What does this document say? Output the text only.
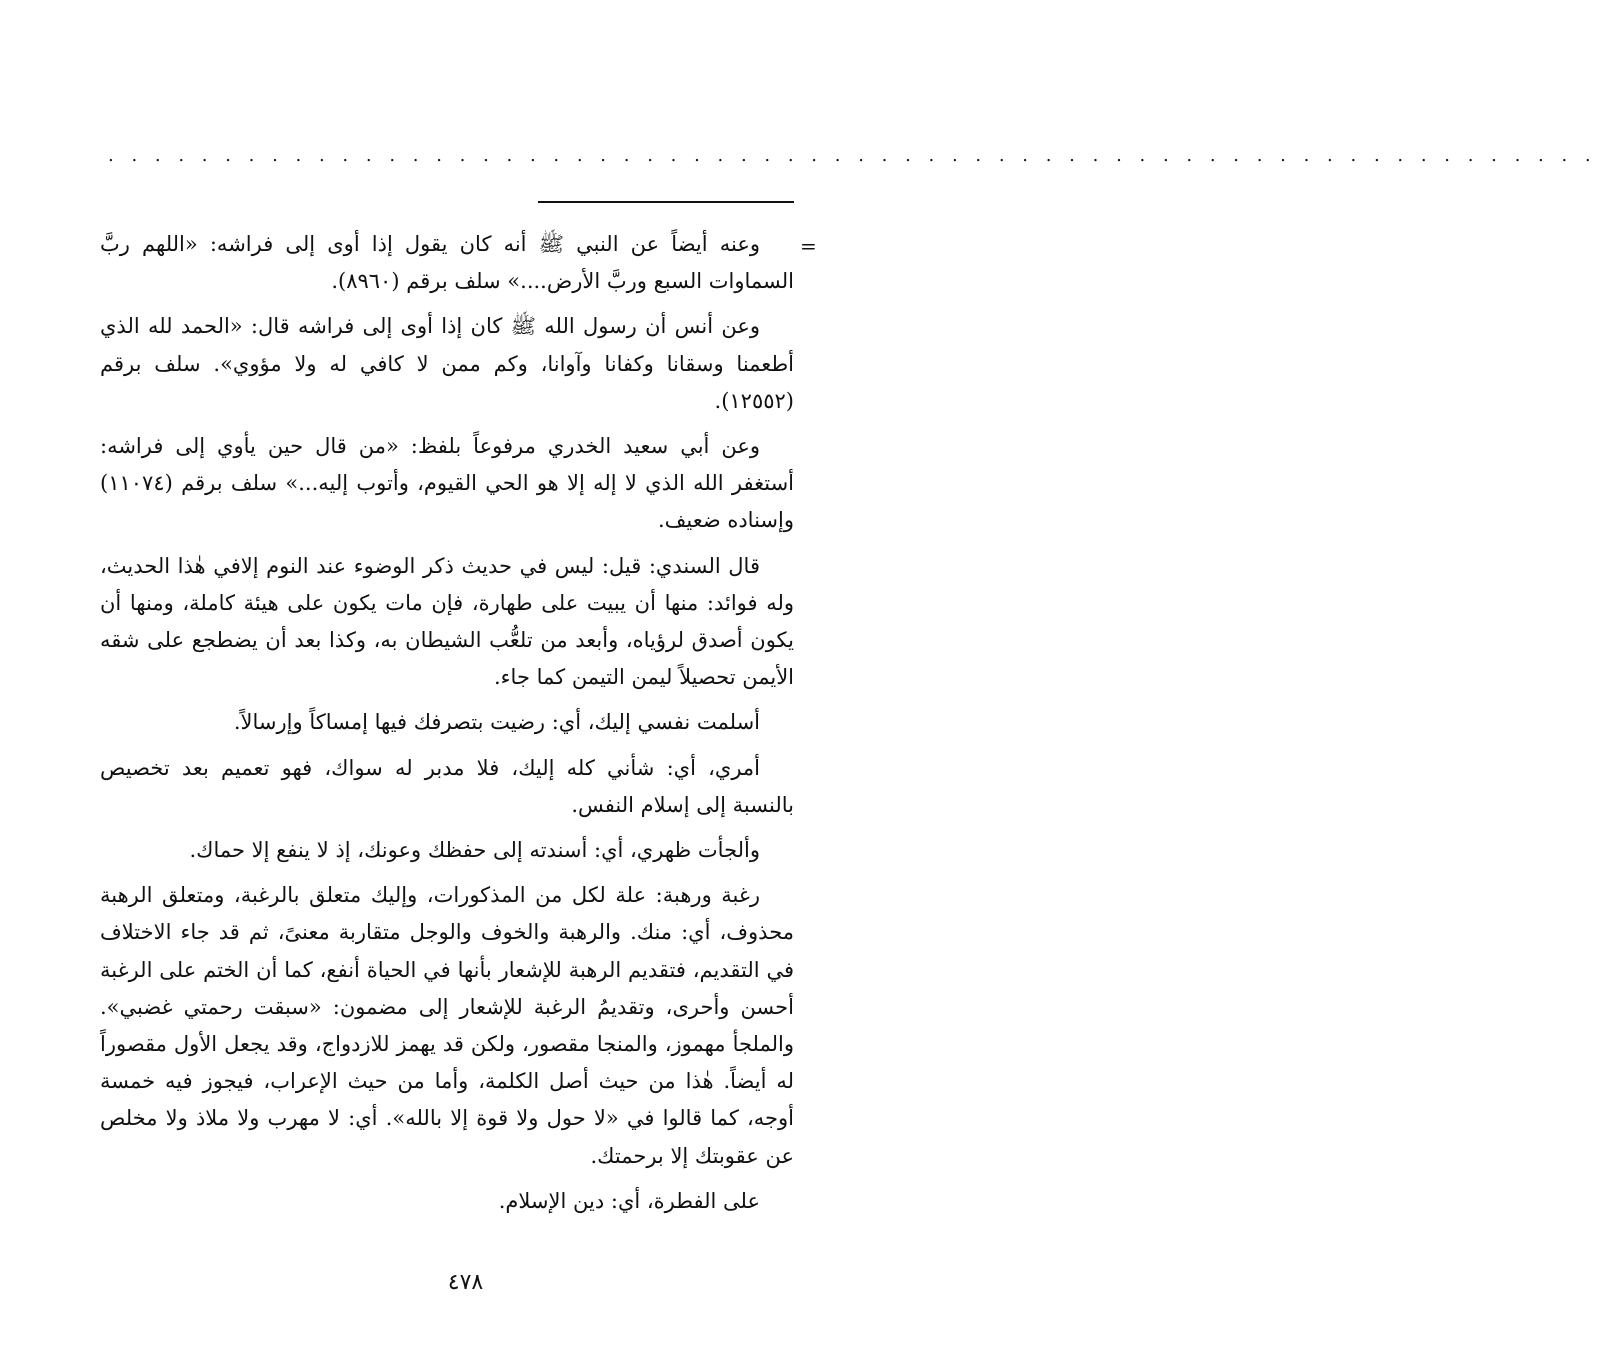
. . . . . . . . . . . . . . . . . . . . . . . . . . . . . . . . . . . . . . . . . . . . . . . . . . . . . . . . . . . . . . . .
=

وعنه أيضاً عن النبي ﷺ أنه كان يقول إذا أوى إلى فراشه: «اللهم ربَّ السماوات السبع وربَّ الأرض....» سلف برقم (٨٩٦٠).

وعن أنس أن رسول الله ﷺ كان إذا أوى إلى فراشه قال: «الحمد لله الذي أطعمنا وسقانا وكفانا وآوانا، وكم ممن لا كافي له ولا مؤوي». سلف برقم (١٢٥٥٢).

وعن أبي سعيد الخدري مرفوعاً بلفظ: «من قال حين يأوي إلى فراشه: أستغفر الله الذي لا إله إلا هو الحي القيوم، وأتوب إليه...» سلف برقم (١١٠٧٤) وإسناده ضعيف.

قال السندي: قيل: ليس في حديث ذكر الوضوء عند النوم إلافي هٰذا الحديث، وله فوائد: منها أن يبيت على طهارة، فإن مات يكون على هيئة كاملة، ومنها أن يكون أصدق لرؤياه، وأبعد من تلعُّب الشيطان به، وكذا بعد أن يضطجع على شقه الأيمن تحصيلاً ليمن التيمن كما جاء.

أسلمت نفسي إليك، أي: رضيت بتصرفك فيها إمساكاً وإرسالاً.

أمري، أي: شأني كله إليك، فلا مدبر له سواك، فهو تعميم بعد تخصيص بالنسبة إلى إسلام النفس.

وألجأت ظهري، أي: أسندته إلى حفظك وعونك، إذ لا ينفع إلا حماك.

رغبة ورهبة: علة لكل من المذكورات، وإليك متعلق بالرغبة، ومتعلق الرهبة محذوف، أي: منك. والرهبة والخوف والوجل متقاربة معنىً، ثم قد جاء الاختلاف في التقديم، فتقديم الرهبة للإشعار بأنها في الحياة أنفع، كما أن الختم على الرغبة أحسن وأحرى، وتقديمُ الرغبة للإشعار إلى مضمون: «سبقت رحمتي غضبي». والملجأ مهموز، والمنجا مقصور، ولكن قد يهمز للازدواج، وقد يجعل الأول مقصوراً له أيضاً. هٰذا من حيث أصل الكلمة، وأما من حيث الإعراب، فيجوز فيه خمسة أوجه، كما قالوا في «لا حول ولا قوة إلا بالله». أي: لا مهرب ولا ملاذ ولا مخلص عن عقوبتك إلا برحمتك.

على الفطرة، أي: دين الإسلام.

٤٧٨
